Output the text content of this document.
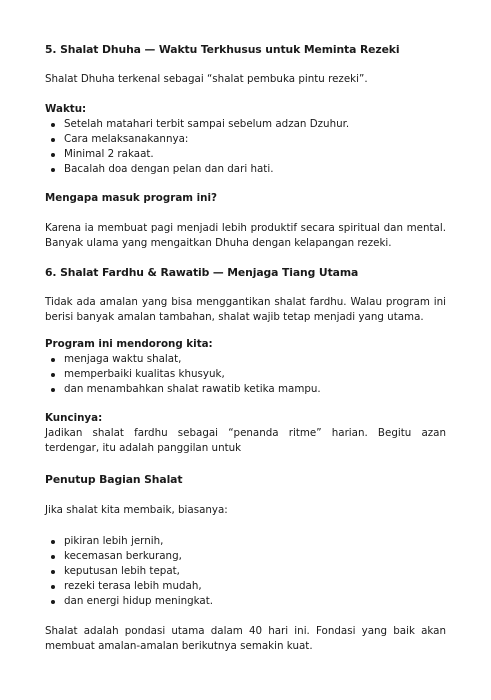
5. Shalat Dhuha — Waktu Terkhusus untuk Meminta Rezeki

Shalat Dhuha terkenal sebagai “shalat pembuka pintu rezeki”.

Waktu:
Setelah matahari terbit sampai sebelum adzan Dzuhur.
Cara melaksanakannya:
Minimal 2 rakaat.
Bacalah doa dengan pelan dan dari hati.
Mengapa masuk program ini?

Karena ia membuat pagi menjadi lebih produktif secara spiritual dan mental. Banyak ulama yang mengaitkan Dhuha dengan kelapangan rezeki.

6. Shalat Fardhu & Rawatib — Menjaga Tiang Utama

Tidak ada amalan yang bisa menggantikan shalat fardhu. Walau program ini berisi banyak amalan tambahan, shalat wajib tetap menjadi yang utama.

Program ini mendorong kita:
menjaga waktu shalat,
memperbaiki kualitas khusyuk,
dan menambahkan shalat rawatib ketika mampu.
Kuncinya:

Jadikan shalat fardhu sebagai “penanda ritme” harian. Begitu azan terdengar, itu adalah panggilan untuk

Penutup Bagian Shalat

Jika shalat kita membaik, biasanya:

pikiran lebih jernih,
kecemasan berkurang,
keputusan lebih tepat,
rezeki terasa lebih mudah,
dan energi hidup meningkat.

Shalat adalah pondasi utama dalam 40 hari ini. Fondasi yang baik akan membuat amalan-amalan berikutnya semakin kuat.
